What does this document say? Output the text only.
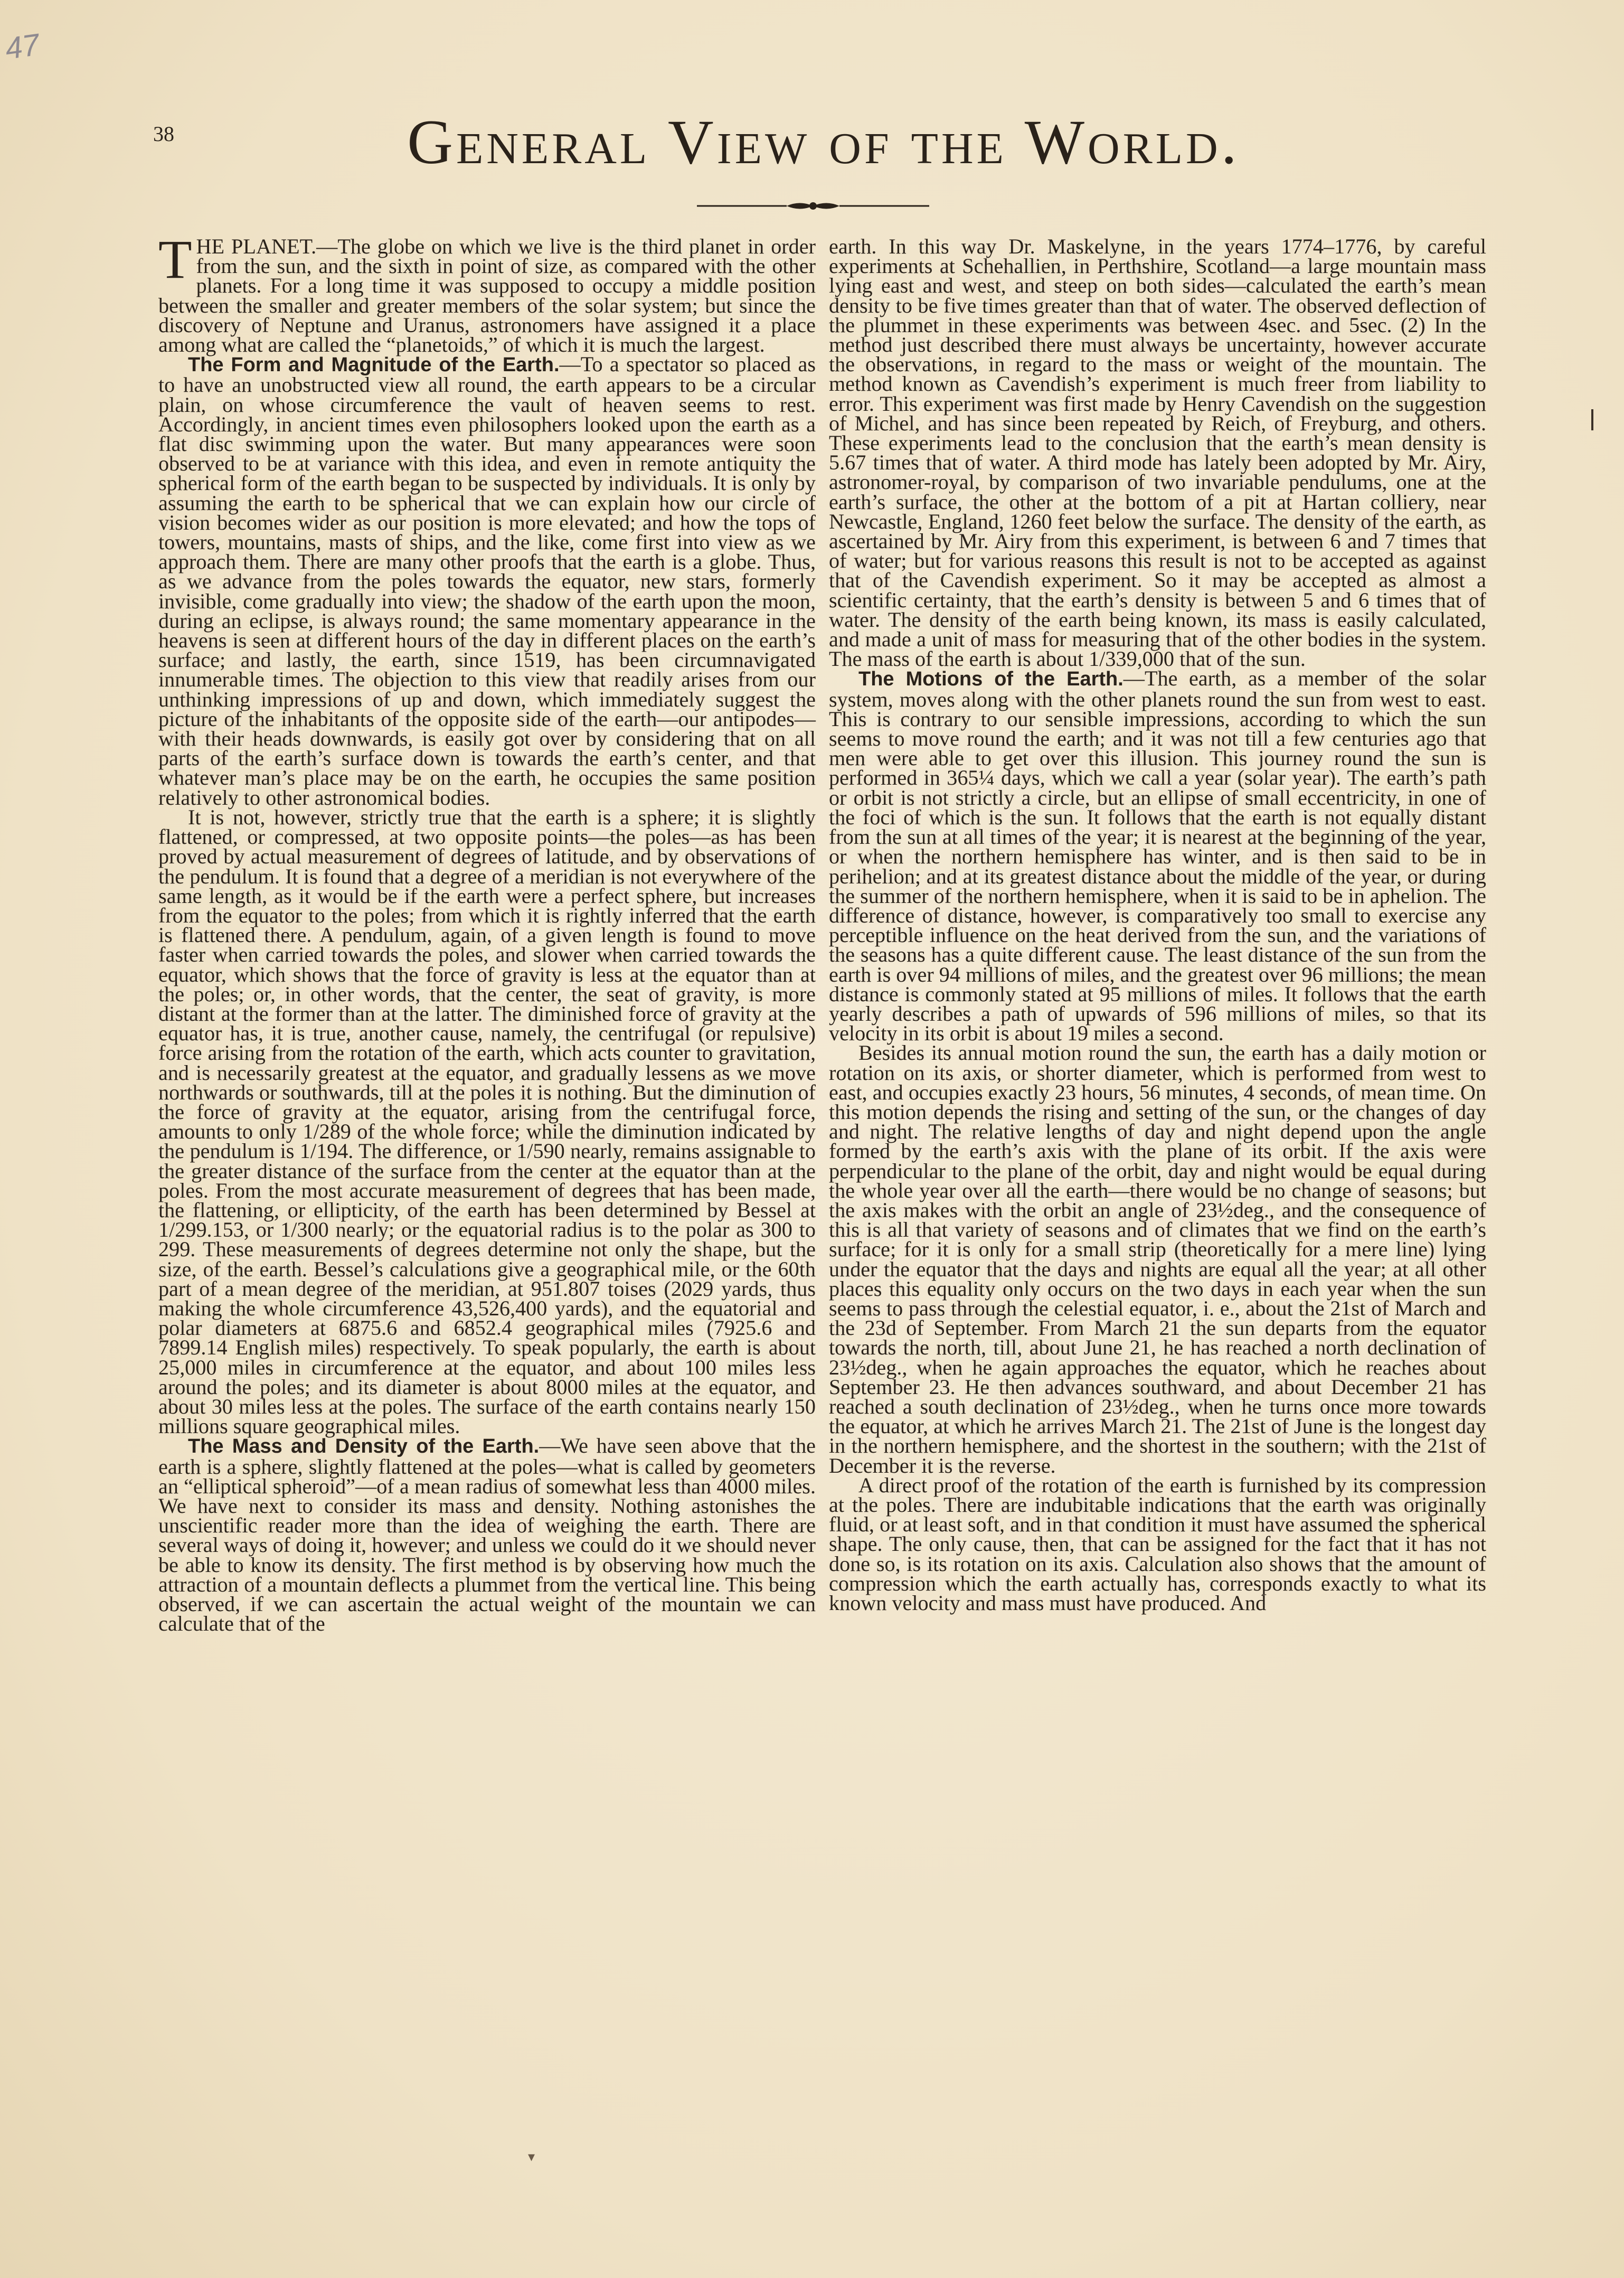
47
38	General View of the World.

THE PLANET.—The globe on which we live is the third planet in order from the sun, and the sixth in point of size, as compared with the other planets. For a long time it was supposed to occupy a middle position between the smaller and greater members of the solar system; but since the discovery of Neptune and Uranus, astronomers have assigned it a place among what are called the “planetoids,” of which it is much the largest.

The Form and Magnitude of the Earth.—To a spectator so placed as to have an unobstructed view all round, the earth appears to be a circular plain, on whose circumference the vault of heaven seems to rest. Accordingly, in ancient times even philosophers looked upon the earth as a flat disc swimming upon the water. But many appearances were soon observed to be at variance with this idea, and even in remote antiquity the spherical form of the earth began to be suspected by individuals. It is only by assuming the earth to be spherical that we can explain how our circle of vision becomes wider as our position is more elevated; and how the tops of towers, mountains, masts of ships, and the like, come first into view as we approach them. There are many other proofs that the earth is a globe. Thus, as we advance from the poles towards the equator, new stars, formerly invisible, come gradually into view; the shadow of the earth upon the moon, during an eclipse, is always round; the same momentary appearance in the heavens is seen at different hours of the day in different places on the earth’s surface; and lastly, the earth, since 1519, has been circumnavigated innumerable times. The objection to this view that readily arises from our unthinking impressions of up and down, which immediately suggest the picture of the inhabitants of the opposite side of the earth—our antipodes—with their heads downwards, is easily got over by considering that on all parts of the earth’s surface down is towards the earth’s center, and that whatever man’s place may be on the earth, he occupies the same position relatively to other astronomical bodies.

It is not, however, strictly true that the earth is a sphere; it is slightly flattened, or compressed, at two opposite points—the poles—as has been proved by actual measurement of degrees of latitude, and by observations of the pendulum. It is found that a degree of a meridian is not everywhere of the same length, as it would be if the earth were a perfect sphere, but increases from the equator to the poles; from which it is rightly inferred that the earth is flattened there. A pendulum, again, of a given length is found to move faster when carried towards the poles, and slower when carried towards the equator, which shows that the force of gravity is less at the equator than at the poles; or, in other words, that the center, the seat of gravity, is more distant at the former than at the latter. The diminished force of gravity at the equator has, it is true, another cause, namely, the centrifugal (or repulsive) force arising from the rotation of the earth, which acts counter to gravitation, and is necessarily greatest at the equator, and gradually lessens as we move northwards or southwards, till at the poles it is nothing. But the diminution of the force of gravity at the equator, arising from the centrifugal force, amounts to only 1/289 of the whole force; while the diminution indicated by the pendulum is 1/194. The difference, or 1/590 nearly, remains assignable to the greater distance of the surface from the center at the equator than at the poles. From the most accurate measurement of degrees that has been made, the flattening, or ellipticity, of the earth has been determined by Bessel at 1/299.153, or 1/300 nearly; or the equatorial radius is to the polar as 300 to 299. These measurements of degrees determine not only the shape, but the size, of the earth. Bessel’s calculations give a geographical mile, or the 60th part of a mean degree of the meridian, at 951.807 toises (2029 yards, thus making the whole circumference 43,526,400 yards), and the equatorial and polar diameters at 6875.6 and 6852.4 geographical miles (7925.6 and 7899.14 English miles) respectively. To speak popularly, the earth is about 25,000 miles in circumference at the equator, and about 100 miles less around the poles; and its diameter is about 8000 miles at the equator, and about 30 miles less at the poles. The surface of the earth contains nearly 150 millions square geographical miles.

The Mass and Density of the Earth.—We have seen above that the earth is a sphere, slightly flattened at the poles—what is called by geometers an “elliptical spheroid”—of a mean radius of somewhat less than 4000 miles. We have next to consider its mass and density. Nothing astonishes the unscientific reader more than the idea of weighing the earth. There are several ways of doing it, however; and unless we could do it we should never be able to know its density. The first method is by observing how much the attraction of a mountain deflects a plummet from the vertical line. This being observed, if we can ascertain the actual weight of the mountain we can calculate that of the

earth. In this way Dr. Maskelyne, in the years 1774–1776, by careful experiments at Schehallien, in Perthshire, Scotland—a large mountain mass lying east and west, and steep on both sides—calculated the earth’s mean density to be five times greater than that of water. The observed deflection of the plummet in these experiments was between 4sec. and 5sec. (2) In the method just described there must always be uncertainty, however accurate the observations, in regard to the mass or weight of the mountain. The method known as Cavendish’s experiment is much freer from liability to error. This experiment was first made by Henry Cavendish on the suggestion of Michel, and has since been repeated by Reich, of Freyburg, and others. These experiments lead to the conclusion that the earth’s mean density is 5.67 times that of water. A third mode has lately been adopted by Mr. Airy, astronomer-royal, by comparison of two invariable pendulums, one at the earth’s surface, the other at the bottom of a pit at Hartan colliery, near Newcastle, England, 1260 feet below the surface. The density of the earth, as ascertained by Mr. Airy from this experiment, is between 6 and 7 times that of water; but for various reasons this result is not to be accepted as against that of the Cavendish experiment. So it may be accepted as almost a scientific certainty, that the earth’s density is between 5 and 6 times that of water. The density of the earth being known, its mass is easily calculated, and made a unit of mass for measuring that of the other bodies in the system. The mass of the earth is about 1/339,000 that of the sun.

The Motions of the Earth.—The earth, as a member of the solar system, moves along with the other planets round the sun from west to east. This is contrary to our sensible impressions, according to which the sun seems to move round the earth; and it was not till a few centuries ago that men were able to get over this illusion. This journey round the sun is performed in 365¼ days, which we call a year (solar year). The earth’s path or orbit is not strictly a circle, but an ellipse of small eccentricity, in one of the foci of which is the sun. It follows that the earth is not equally distant from the sun at all times of the year; it is nearest at the beginning of the year, or when the northern hemisphere has winter, and is then said to be in perihelion; and at its greatest distance about the middle of the year, or during the summer of the northern hemisphere, when it is said to be in aphelion. The difference of distance, however, is comparatively too small to exercise any perceptible influence on the heat derived from the sun, and the variations of the seasons has a quite different cause. The least distance of the sun from the earth is over 94 millions of miles, and the greatest over 96 millions; the mean distance is commonly stated at 95 millions of miles. It follows that the earth yearly describes a path of upwards of 596 millions of miles, so that its velocity in its orbit is about 19 miles a second.

Besides its annual motion round the sun, the earth has a daily motion or rotation on its axis, or shorter diameter, which is performed from west to east, and occupies exactly 23 hours, 56 minutes, 4 seconds, of mean time. On this motion depends the rising and setting of the sun, or the changes of day and night. The relative lengths of day and night depend upon the angle formed by the earth’s axis with the plane of its orbit. If the axis were perpendicular to the plane of the orbit, day and night would be equal during the whole year over all the earth—there would be no change of seasons; but the axis makes with the orbit an angle of 23½deg., and the consequence of this is all that variety of seasons and of climates that we find on the earth’s surface; for it is only for a small strip (theoretically for a mere line) lying under the equator that the days and nights are equal all the year; at all other places this equality only occurs on the two days in each year when the sun seems to pass through the celestial equator, i. e., about the 21st of March and the 23d of September. From March 21 the sun departs from the equator towards the north, till, about June 21, he has reached a north declination of 23½deg., when he again approaches the equator, which he reaches about September 23. He then advances southward, and about December 21 has reached a south declination of 23½deg., when he turns once more towards the equator, at which he arrives March 21. The 21st of June is the longest day in the northern hemisphere, and the shortest in the southern; with the 21st of December it is the reverse.

A direct proof of the rotation of the earth is furnished by its compression at the poles. There are indubitable indications that the earth was originally fluid, or at least soft, and in that condition it must have assumed the spherical shape. The only cause, then, that can be assigned for the fact that it has not done so, is its rotation on its axis. Calculation also shows that the amount of compression which the earth actually has, corresponds exactly to what its known velocity and mass must have produced. And

▾
